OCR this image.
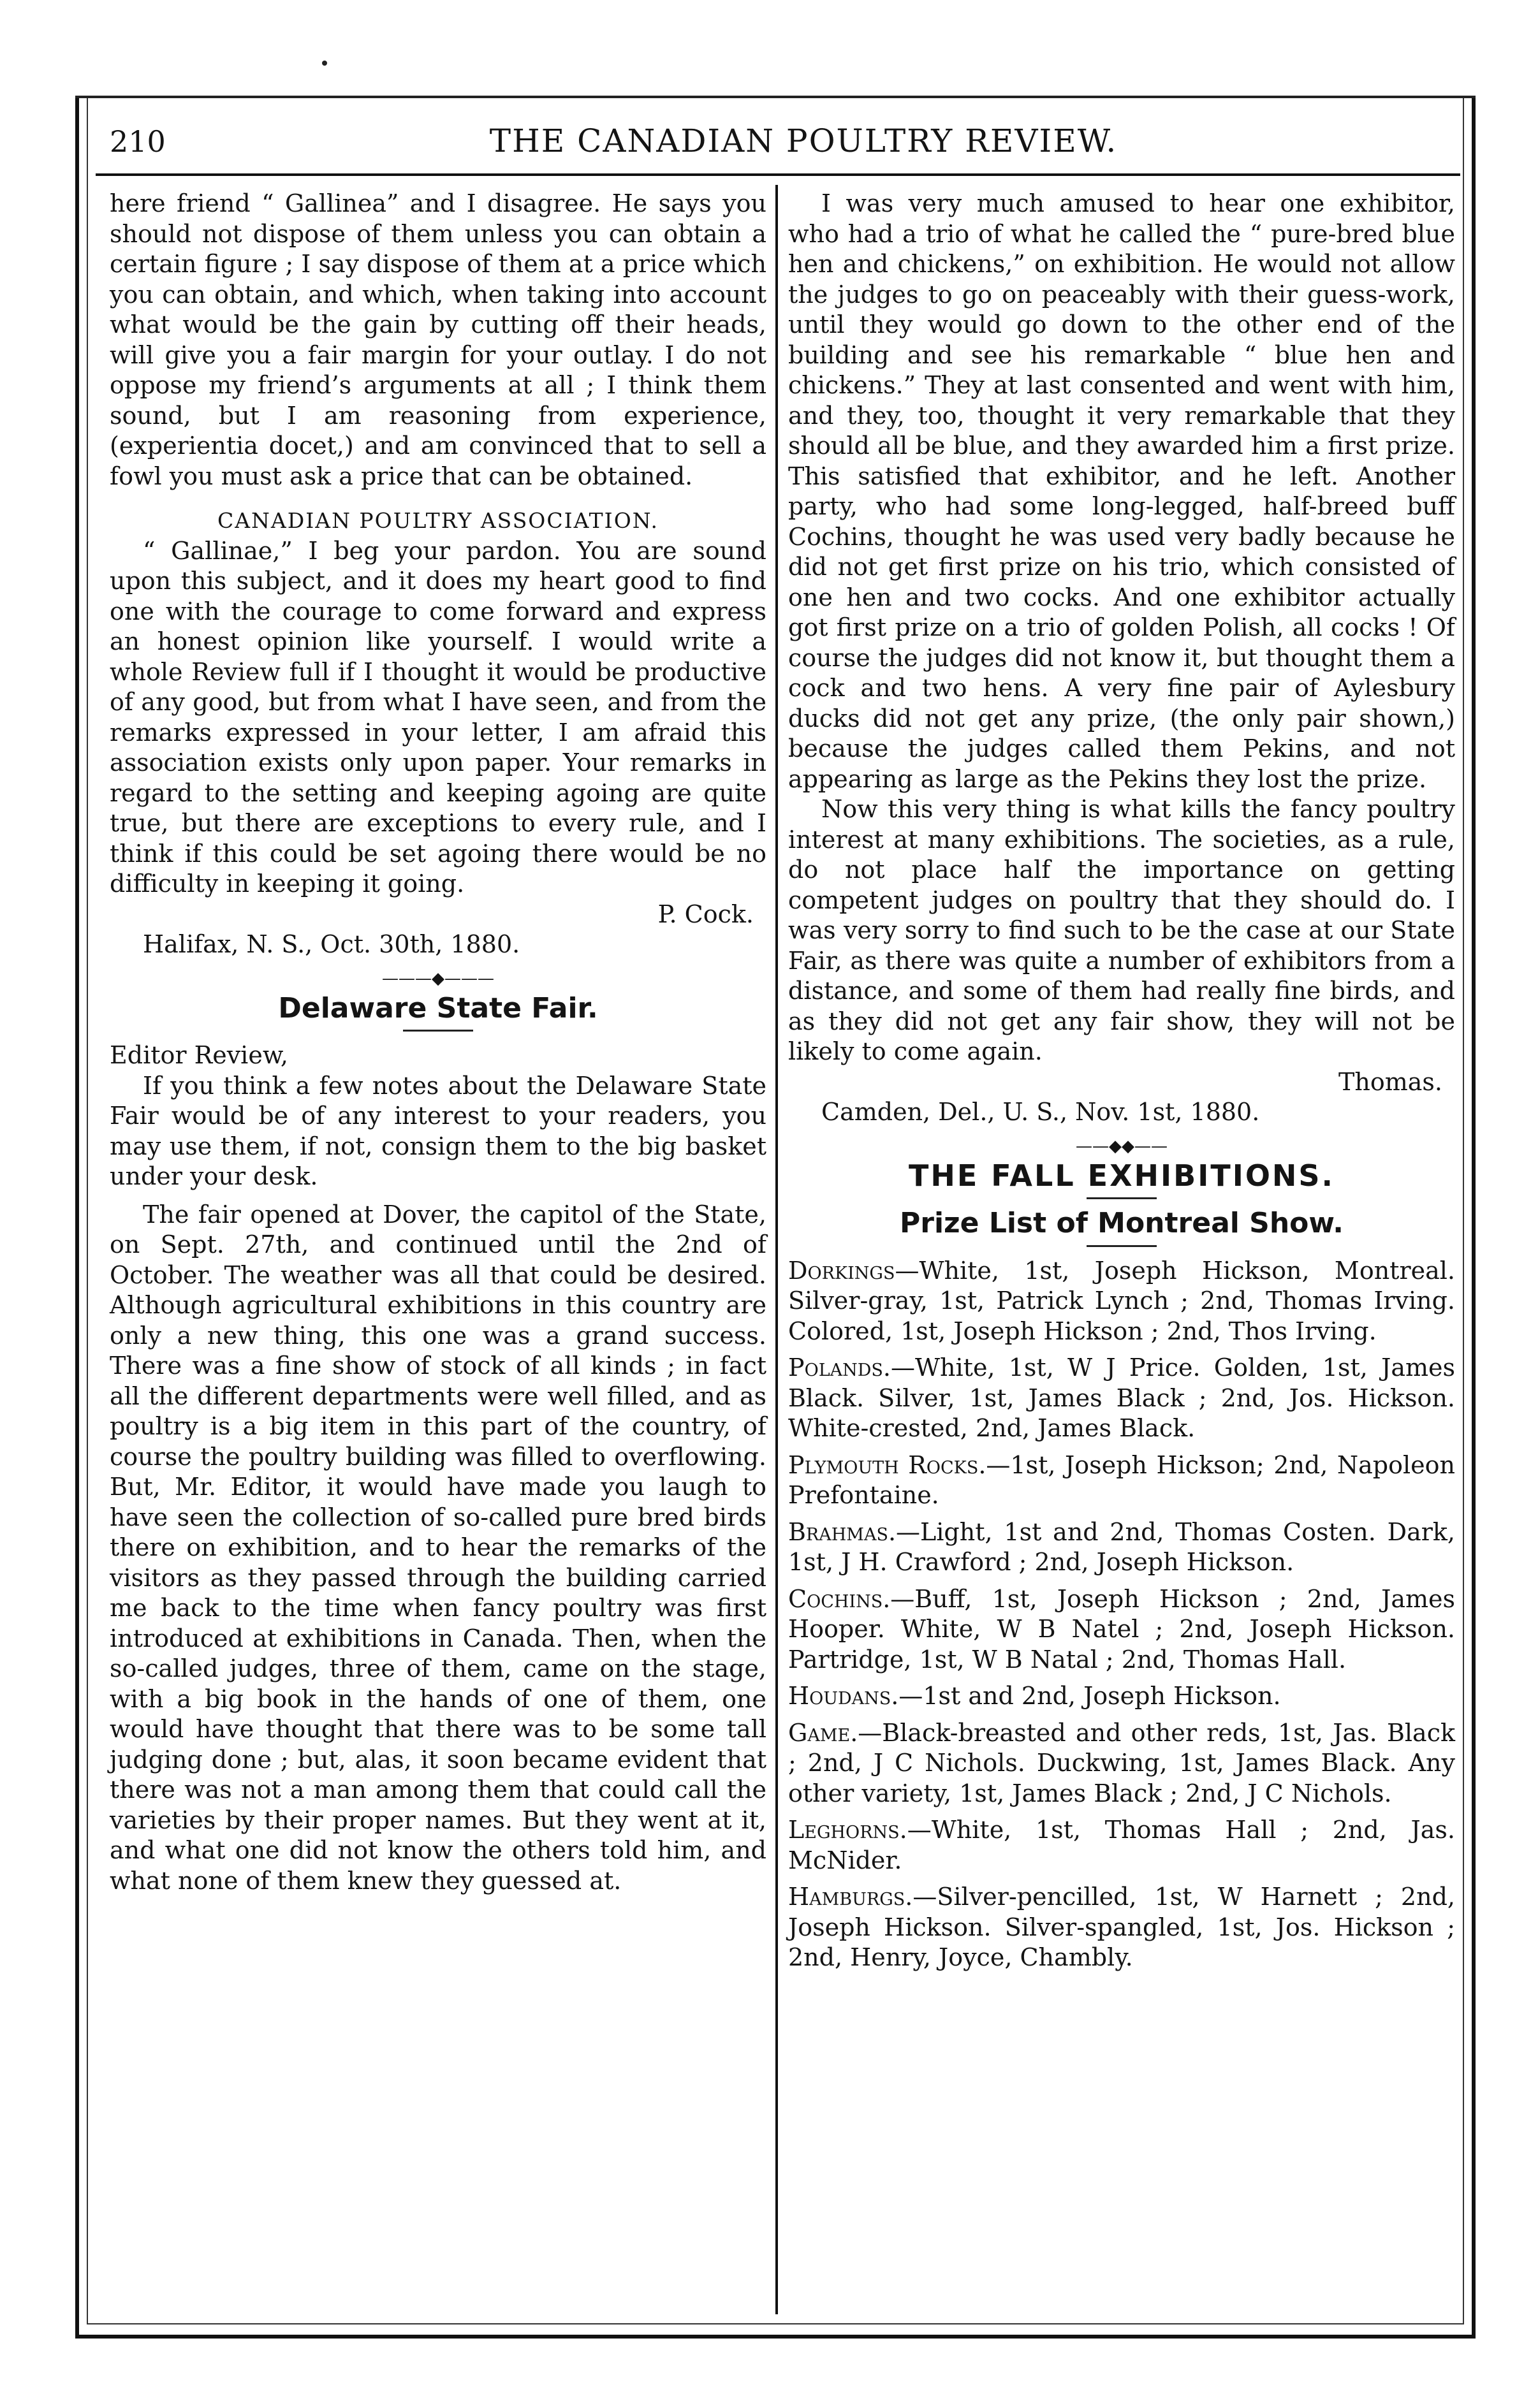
210	THE CANADIAN POULTRY REVIEW.

here friend “ Gallinea” and I disagree. He says you should not dispose of them unless you can obtain a certain figure ; I say dispose of them at a price which you can obtain, and which, when taking into account what would be the gain by cutting off their heads, will give you a fair margin for your outlay. I do not oppose my friend’s arguments at all ; I think them sound, but I am reasoning from experience, (experientia docet,) and am convinced that to sell a fowl you must ask a price that can be obtained.

CANADIAN POULTRY ASSOCIATION.

“ Gallinae,” I beg your pardon. You are sound upon this subject, and it does my heart good to find one with the courage to come forward and express an honest opinion like yourself. I would write a whole Review full if I thought it would be productive of any good, but from what I have seen, and from the remarks expressed in your letter, I am afraid this association exists only upon paper. Your remarks in regard to the setting and keeping agoing are quite true, but there are exceptions to every rule, and I think if this could be set agoing there would be no difficulty in keeping it going.

P. Cock.

Halifax, N. S., Oct. 30th, 1880.

———◆———

Delaware State Fair.

Editor Review,

If you think a few notes about the Delaware State Fair would be of any interest to your readers, you may use them, if not, consign them to the big basket under your desk.

The fair opened at Dover, the capitol of the State, on Sept. 27th, and continued until the 2nd of October. The weather was all that could be desired. Although agricultural exhibitions in this country are only a new thing, this one was a grand success. There was a fine show of stock of all kinds ; in fact all the different departments were well filled, and as poultry is a big item in this part of the country, of course the poultry building was filled to overflowing. But, Mr. Editor, it would have made you laugh to have seen the collection of so-called pure bred birds there on exhibition, and to hear the remarks of the visitors as they passed through the building carried me back to the time when fancy poultry was first introduced at exhibitions in Canada. Then, when the so-called judges, three of them, came on the stage, with a big book in the hands of one of them, one would have thought that there was to be some tall judging done ; but, alas, it soon became evident that there was not a man among them that could call the varieties by their proper names. But they went at it, and what one did not know the others told him, and what none of them knew they guessed at.

I was very much amused to hear one exhibitor, who had a trio of what he called the “ pure-bred blue hen and chickens,” on exhibition. He would not allow the judges to go on peaceably with their guess-work, until they would go down to the other end of the building and see his remarkable “ blue hen and chickens.” They at last consented and went with him, and they, too, thought it very remarkable that they should all be blue, and they awarded him a first prize. This satisfied that exhibitor, and he left. Another party, who had some long-legged, half-breed buff Cochins, thought he was used very badly because he did not get first prize on his trio, which consisted of one hen and two cocks. And one exhibitor actually got first prize on a trio of golden Polish, all cocks ! Of course the judges did not know it, but thought them a cock and two hens. A very fine pair of Aylesbury ducks did not get any prize, (the only pair shown,) because the judges called them Pekins, and not appearing as large as the Pekins they lost the prize.

Now this very thing is what kills the fancy poultry interest at many exhibitions. The societies, as a rule, do not place half the importance on getting competent judges on poultry that they should do. I was very sorry to find such to be the case at our State Fair, as there was quite a number of exhibitors from a distance, and some of them had really fine birds, and as they did not get any fair show, they will not be likely to come again.

Thomas.

Camden, Del., U. S., Nov. 1st, 1880.

——◆◆——

THE FALL EXHIBITIONS.

Prize List of Montreal Show.

Dorkings—White, 1st, Joseph Hickson, Montreal. Silver-gray, 1st, Patrick Lynch ; 2nd, Thomas Irving. Colored, 1st, Joseph Hickson ; 2nd, Thos Irving.

Polands.—White, 1st, W J Price. Golden, 1st, James Black. Silver, 1st, James Black ; 2nd, Jos. Hickson. White-crested, 2nd, James Black.

Plymouth Rocks.—1st, Joseph Hickson; 2nd, Napoleon Prefontaine.

Brahmas.—Light, 1st and 2nd, Thomas Costen. Dark, 1st, J H. Crawford ; 2nd, Joseph Hickson.

Cochins.—Buff, 1st, Joseph Hickson ; 2nd, James Hooper. White, W B Natel ; 2nd, Joseph Hickson. Partridge, 1st, W B Natal ; 2nd, Thomas Hall.

Houdans.—1st and 2nd, Joseph Hickson.

Game.—Black-breasted and other reds, 1st, Jas. Black ; 2nd, J C Nichols. Duckwing, 1st, James Black. Any other variety, 1st, James Black ; 2nd, J C Nichols.

Leghorns.—White, 1st, Thomas Hall ; 2nd, Jas. McNider.

Hamburgs.—Silver-pencilled, 1st, W Harnett ; 2nd, Joseph Hickson. Silver-spangled, 1st, Jos. Hickson ; 2nd, Henry, Joyce, Chambly.
